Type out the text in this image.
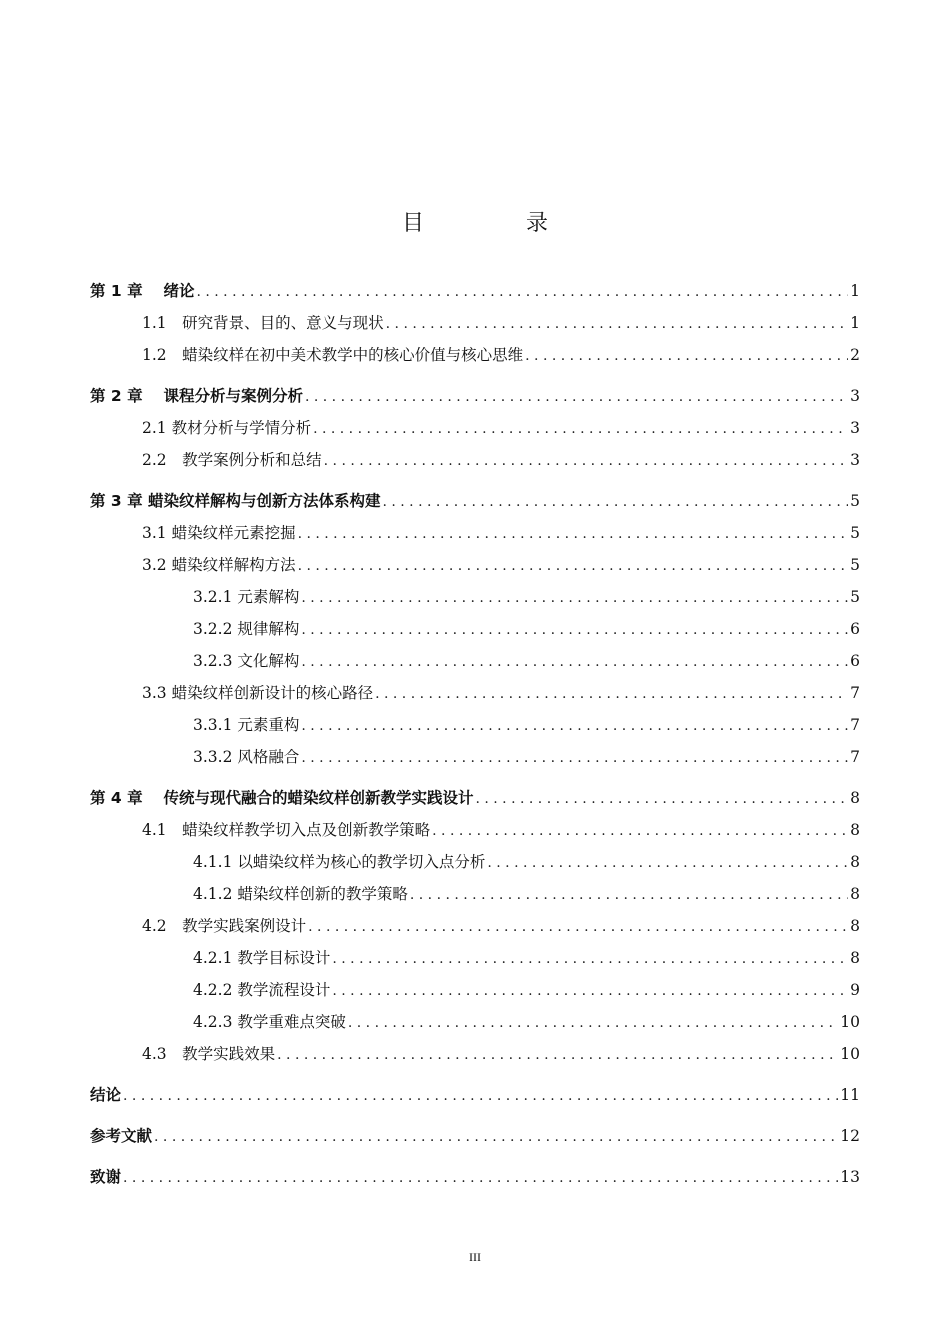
目　录
第 1 章　 绪论 . . .	1
1.1　研究背景、目的、意义与现状 . . .	1
1.2　蜡染纹样在初中美术教学中的核心价值与核心思维 . . .	2
第 2 章　 课程分析与案例分析 . . .	3
2.1 教材分析与学情分析 . . .	3
2.2　教学案例分析和总结 . . .	3
第 3 章 蜡染纹样解构与创新方法体系构建 . . .	5
3.1 蜡染纹样元素挖掘 . . .	5
3.2 蜡染纹样解构方法 . . .	5
3.2.1 元素解构 . . .	5
3.2.2 规律解构 . . .	6
3.2.3 文化解构 . . .	6
3.3 蜡染纹样创新设计的核心路径 . . .	7
3.3.1 元素重构 . . .	7
3.3.2 风格融合 . . .	7
第 4 章　 传统与现代融合的蜡染纹样创新教学实践设计 . . .	8
4.1　蜡染纹样教学切入点及创新教学策略 . . .	8
4.1.1 以蜡染纹样为核心的教学切入点分析 . . .	8
4.1.2 蜡染纹样创新的教学策略 . . .	8
4.2　教学实践案例设计 . . .	8
4.2.1 教学目标设计 . . .	8
4.2.2 教学流程设计 . . .	9
4.2.3 教学重难点突破 . . .	10
4.3　教学实践效果 . . .	10
结论 . . .	11
参考文献 . . .	12
致谢 . . .	13
III
